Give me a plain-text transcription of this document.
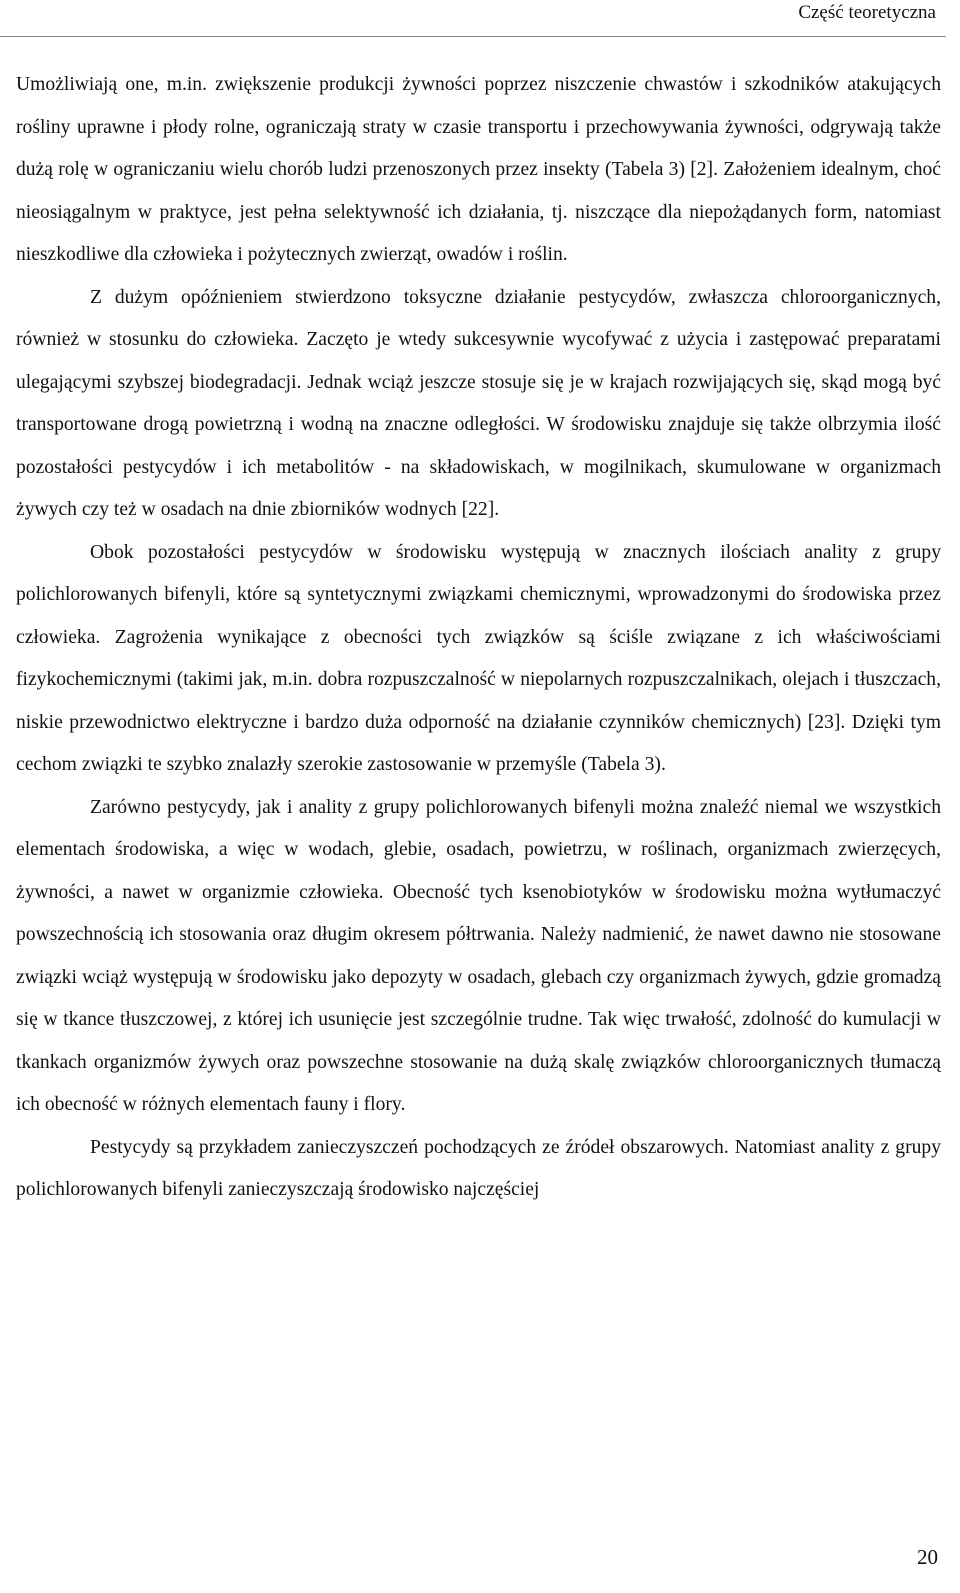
Część teoretyczna

Umożliwiają one, m.in. zwiększenie produkcji żywności poprzez niszczenie chwastów i szkodników atakujących rośliny uprawne i płody rolne, ograniczają straty w czasie transportu i przechowywania żywności, odgrywają także dużą rolę w ograniczaniu wielu chorób ludzi przenoszonych przez insekty (Tabela 3) [2]. Założeniem idealnym, choć nieosiągalnym w praktyce, jest pełna selektywność ich działania, tj. niszczące dla niepożądanych form, natomiast nieszkodliwe dla człowieka i pożytecznych zwierząt, owadów i roślin.

Z dużym opóźnieniem stwierdzono toksyczne działanie pestycydów, zwłaszcza chloroorganicznych, również w stosunku do człowieka. Zaczęto je wtedy sukcesywnie wycofywać z użycia i zastępować preparatami ulegającymi szybszej biodegradacji. Jednak wciąż jeszcze stosuje się je w krajach rozwijających się, skąd mogą być transportowane drogą powietrzną i wodną na znaczne odległości. W środowisku znajduje się także olbrzymia ilość pozostałości pestycydów i ich metabolitów - na składowiskach, w mogilnikach, skumulowane w organizmach żywych czy też w osadach na dnie zbiorników wodnych [22].

Obok pozostałości pestycydów w środowisku występują w znacznych ilościach anality z grupy polichlorowanych bifenyli, które są syntetycznymi związkami chemicznymi, wprowadzonymi do środowiska przez człowieka. Zagrożenia wynikające z obecności tych związków są ściśle związane z ich właściwościami fizykochemicznymi (takimi jak, m.in. dobra rozpuszczalność w niepolarnych rozpuszczalnikach, olejach i tłuszczach, niskie przewodnictwo elektryczne i bardzo duża odporność na działanie czynników chemicznych) [23]. Dzięki tym cechom związki te szybko znalazły szerokie zastosowanie w przemyśle (Tabela 3).

Zarówno pestycydy, jak i anality z grupy polichlorowanych bifenyli można znaleźć niemal we wszystkich elementach środowiska, a więc w wodach, glebie, osadach, powietrzu, w roślinach, organizmach zwierzęcych, żywności, a nawet w organizmie człowieka. Obecność tych ksenobiotyków w środowisku można wytłumaczyć powszechnością ich stosowania oraz długim okresem półtrwania. Należy nadmienić, że nawet dawno nie stosowane związki wciąż występują w środowisku jako depozyty w osadach, glebach czy organizmach żywych, gdzie gromadzą się w tkance tłuszczowej, z której ich usunięcie jest szczególnie trudne. Tak więc trwałość, zdolność do kumulacji w tkankach organizmów żywych oraz powszechne stosowanie na dużą skalę związków chloroorganicznych tłumaczą ich obecność w różnych elementach fauny i flory.

Pestycydy są przykładem zanieczyszczeń pochodzących ze źródeł obszarowych. Natomiast anality z grupy polichlorowanych bifenyli zanieczyszczają środowisko najczęściej

20
